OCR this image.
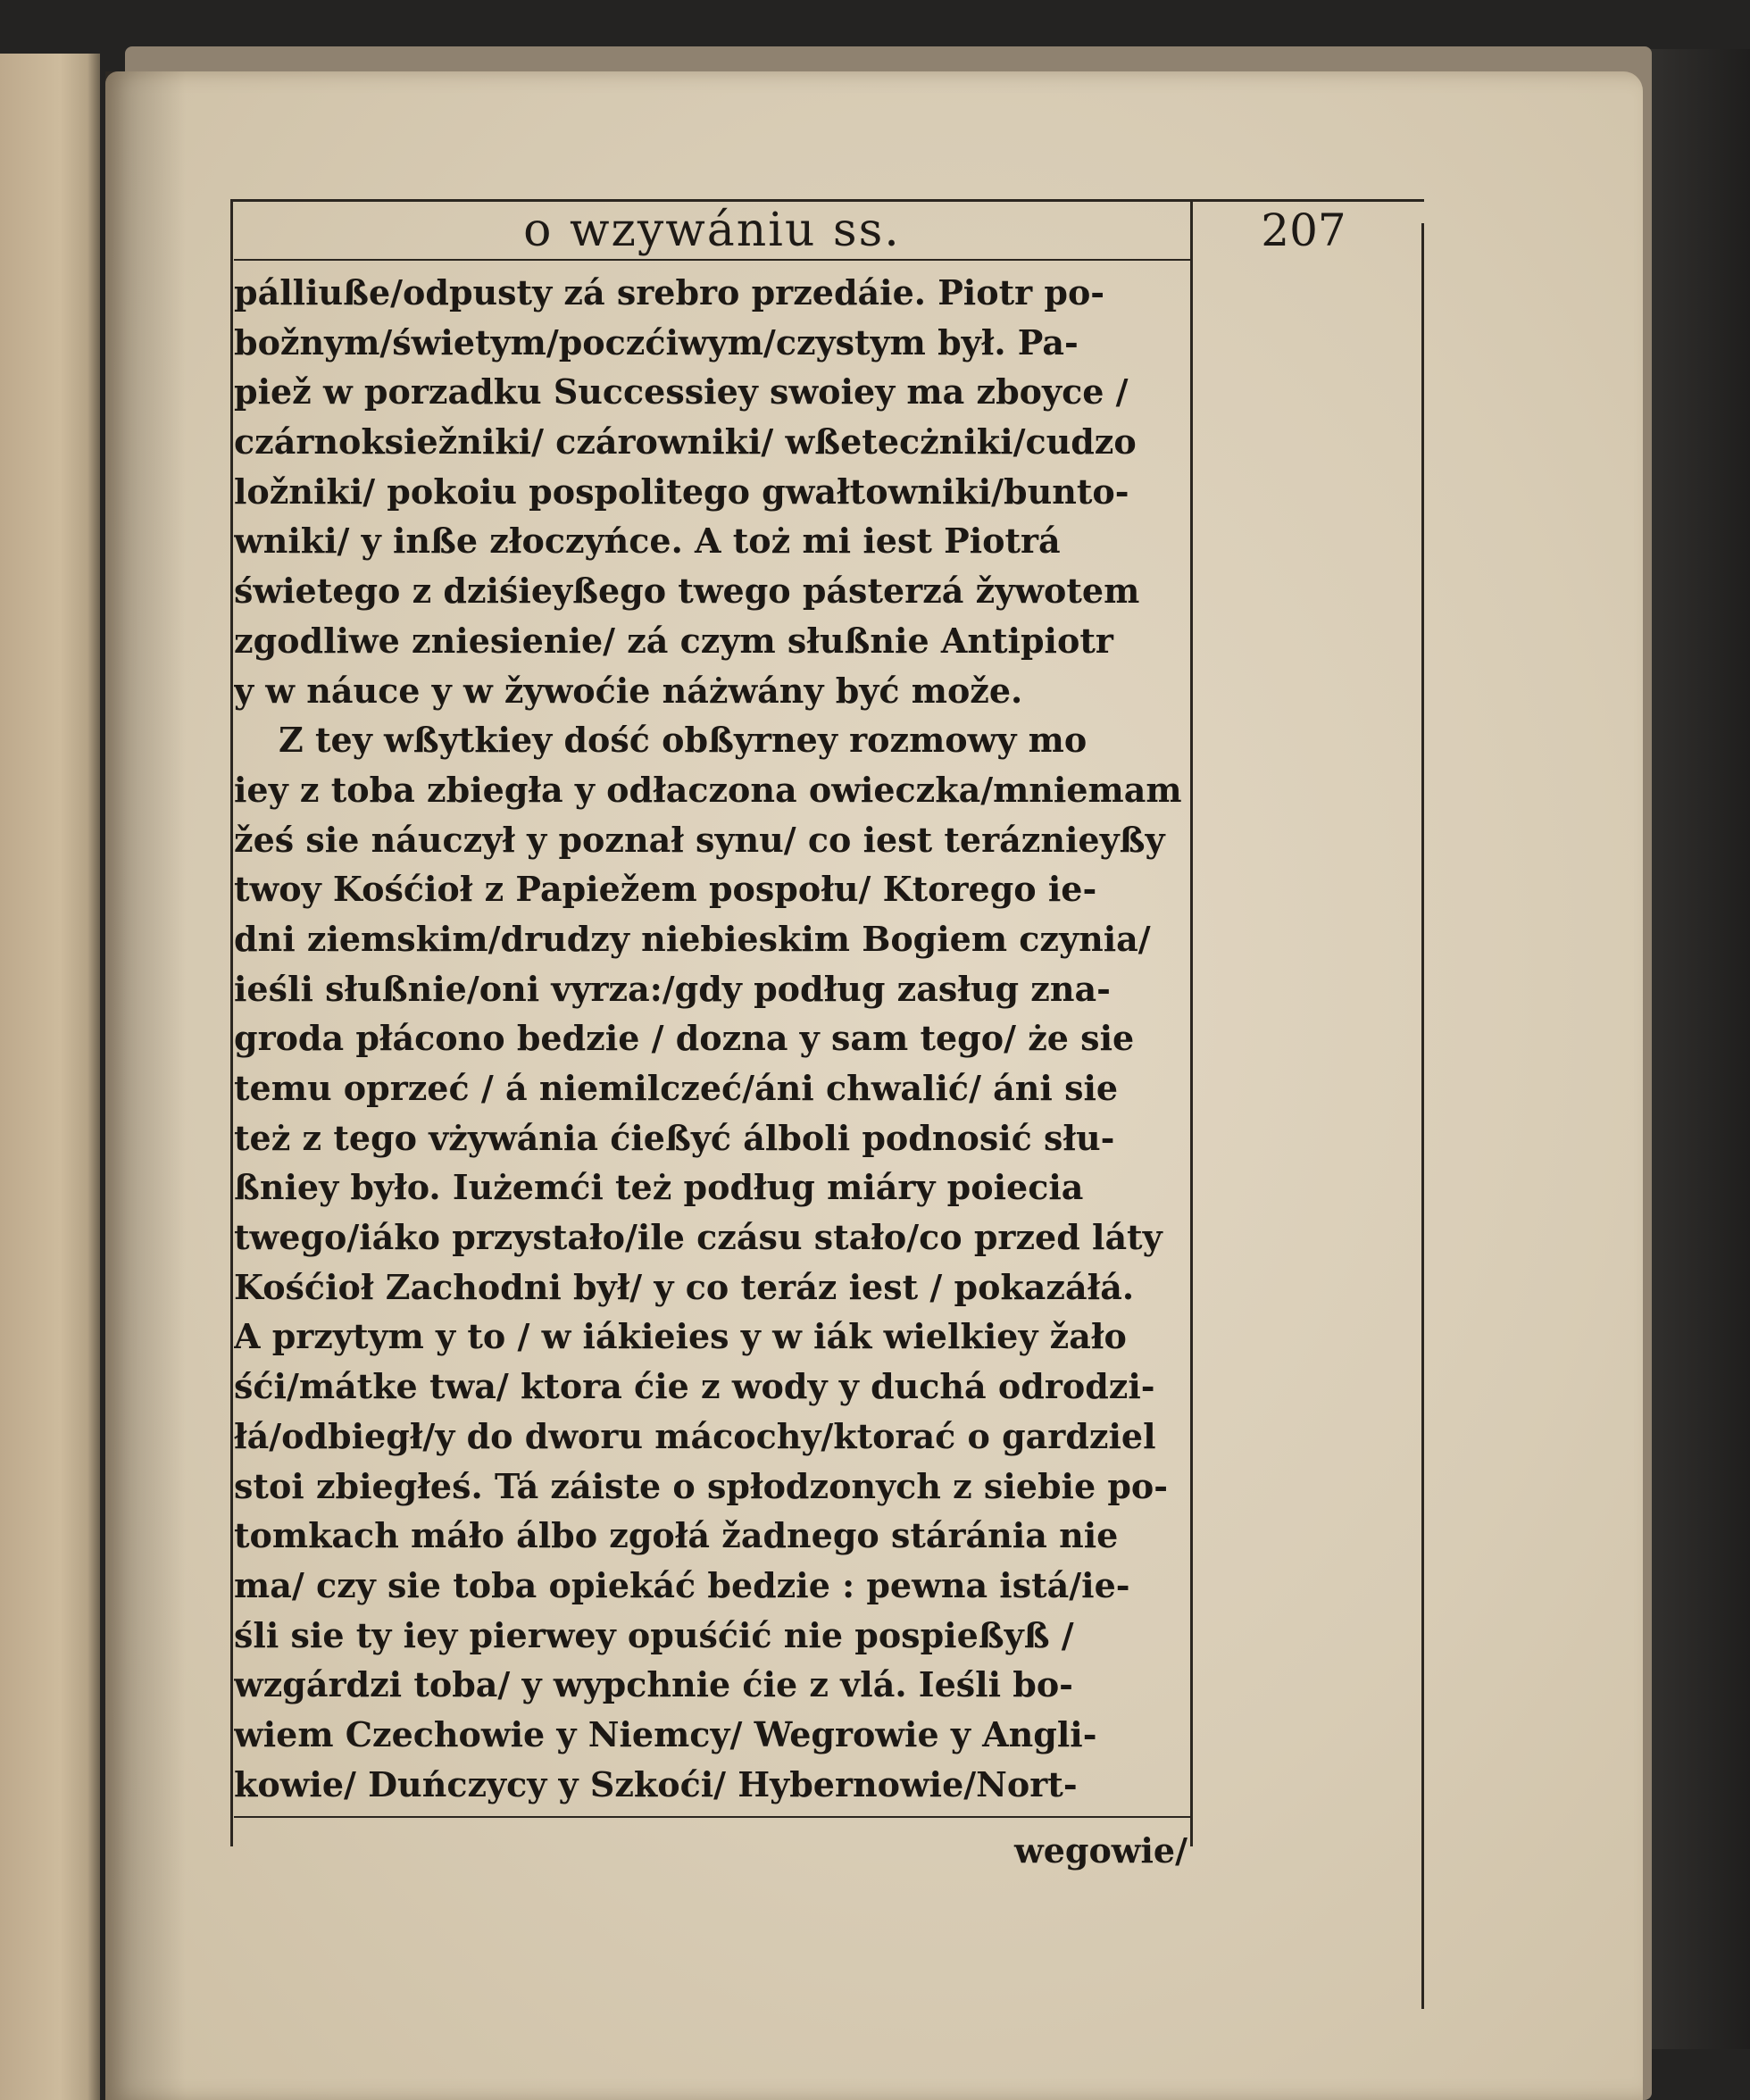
o wzywániu ss.	207
pálliuße/odpusty zá srebro przedáie. Piotr po-
božnym/świetym/poczćiwym/czystym był. Pa-
piež w porzadku Successiey swoiey ma zboyce /
czárnoksiežniki/ czárowniki/ wßetecżniki/cudzo
ložniki/ pokoiu pospolitego gwałtowniki/bunto-
wniki/ y inße złoczyńce. A toż mi iest Piotrá
świetego z dziśieyßego twego pásterzá žywotem
zgodliwe zniesienie/ zá czym słußnie Antipiotr
y w náuce y w žywoćie náżwány być može.
Z tey wßytkiey dość obßyrney rozmowy mo
iey z toba zbiegła y odłaczona owieczka/mniemam
žeś sie náuczył y poznał synu/ co iest teráznieyßy
twoy Kośćioł z Papiežem pospołu/ Ktorego ie-
dni ziemskim/drudzy niebieskim Bogiem czynia/
ieśli słußnie/oni vyrza:/gdy podług zasług zna-
groda płácono bedzie / dozna y sam tego/ że sie
temu oprzeć / á niemilczeć/áni chwalić/ áni sie
też z tego vżywánia ćießyć álboli podnosić słu-
ßniey było. Iużemći też podług miáry poiecia
twego/iáko przystało/ile czásu stało/co przed láty
Kośćioł Zachodni był/ y co teráz iest / pokazáłá.
A przytym y to / w iákieies y w iák wielkiey žało
śći/mátke twa/ ktora ćie z wody y duchá odrodzi-
łá/odbiegł/y do dworu mácochy/ktorać o gardziel
stoi zbiegłeś. Tá záiste o spłodzonych z siebie po-
tomkach máło álbo zgołá žadnego stáránia nie
ma/ czy sie toba opiekáć bedzie : pewna istá/ie-
śli sie ty iey pierwey opuśćić nie pospießyß /
wzgárdzi toba/ y wypchnie ćie z vlá. Ieśli bo-
wiem Czechowie y Niemcy/ Wegrowie y Angli-
kowie/ Duńczycy y Szkoći/ Hybernowie/Nort-
wegowie/
